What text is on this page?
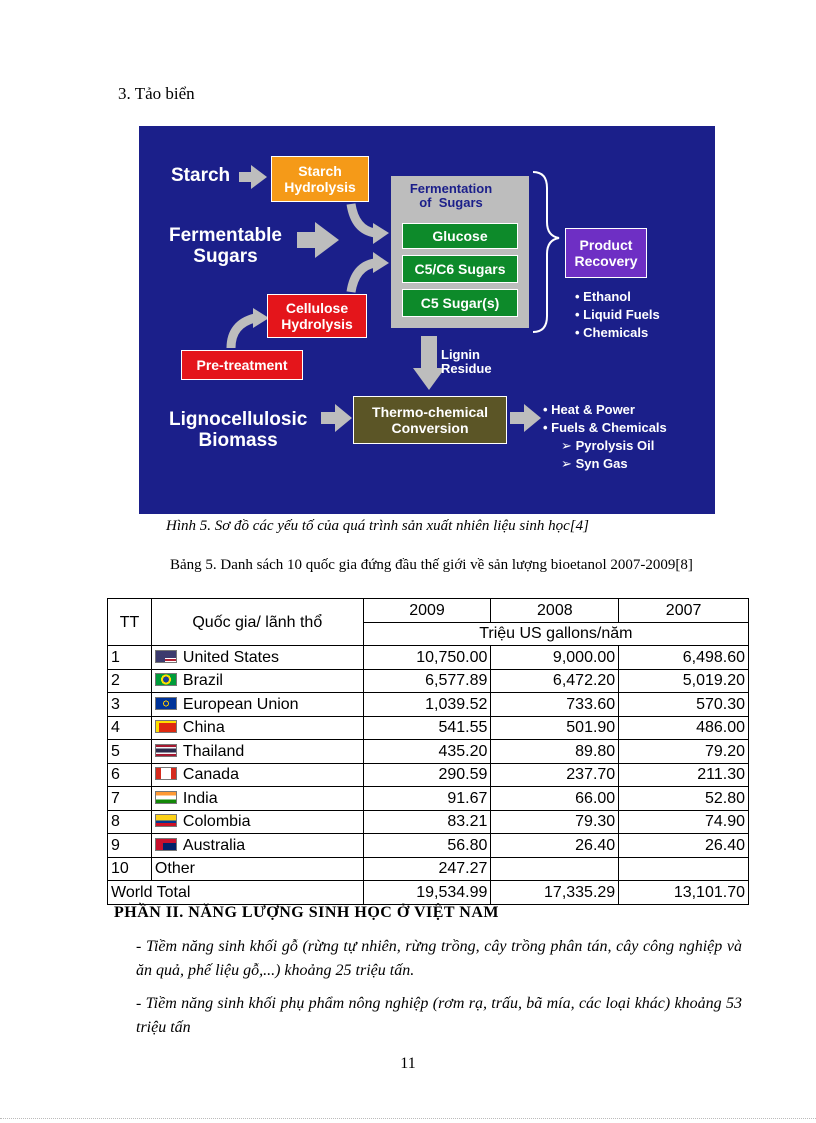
3. Tảo biển
Starch	Starch
Hydrolysis
Fermentable
Sugars
Cellulose
Hydrolysis
Pre-treatment
Lignocellulosic
Biomass
Fermentation
of  Sugars
Glucose
C5/C6 Sugars
C5 Sugar(s)
Product
Recovery
• Ethanol
• Liquid Fuels
• Chemicals
Lignin
Residue
Thermo-chemical
Conversion
• Heat & Power
• Fuels & Chemicals
➢ Pyrolysis Oil
➢ Syn Gas
Hình 5. Sơ đồ các yếu tố của quá trình sản xuất nhiên liệu sinh học[4]
Bảng 5. Danh sách 10 quốc gia đứng đầu thế giới về sản lượng bioetanol 2007-2009[8]
TT	Quốc gia/ lãnh thổ	2009	2008	2007
		Triệu US gallons/năm		
1	United States	10,750.00	9,000.00	6,498.60
2	Brazil	6,577.89	6,472.20	5,019.20
3	European Union	1,039.52	733.60	570.30
4	China	541.55	501.90	486.00
5	Thailand	435.20	89.80	79.20
6	Canada	290.59	237.70	211.30
7	India	91.67	66.00	52.80
8	Colombia	83.21	79.30	74.90
9	Australia	56.80	26.40	26.40
10	Other	247.27		
World Total		19,534.99	17,335.29	13,101.70
PHẦN II. NĂNG LƯỢNG SINH HỌC Ở VIỆT NAM
- Tiềm năng sinh khối gỗ (rừng tự nhiên, rừng trồng, cây trồng phân tán, cây công nghiệp và ăn quả, phế liệu gỗ,...) khoảng 25 triệu tấn.
- Tiềm năng sinh khối phụ phẩm nông nghiệp (rơm rạ, trấu, bã mía, các loại khác) khoảng 53 triệu tấn
11
